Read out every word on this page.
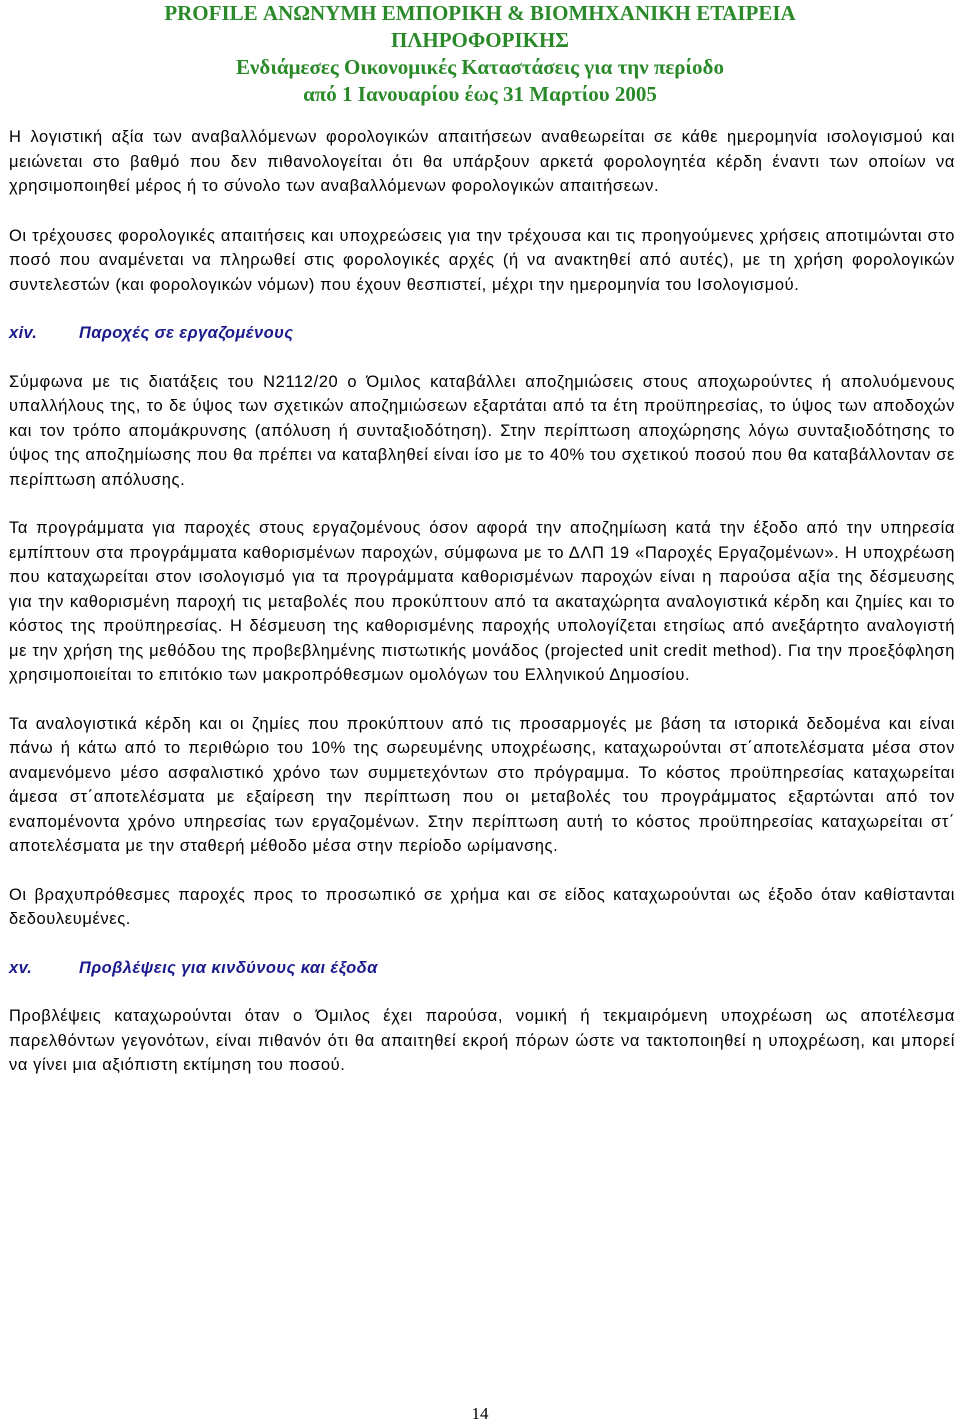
PROFILE ΑΝΩΝΥΜΗ ΕΜΠΟΡΙΚΗ & ΒΙΟΜΗΧΑΝΙΚΗ ΕΤΑΙΡΕΙΑ
ΠΛΗΡΟΦΟΡΙΚΗΣ
Ενδιάμεσες Οικονομικές Καταστάσεις για την περίοδο
από 1 Ιανουαρίου έως 31 Μαρτίου 2005

Η λογιστική αξία των αναβαλλόμενων φορολογικών απαιτήσεων αναθεωρείται σε κάθε ημερομηνία ισολογισμού και μειώνεται στο βαθμό που δεν πιθανολογείται ότι θα υπάρξουν αρκετά φορολογητέα κέρδη έναντι των οποίων να χρησιμοποιηθεί μέρος ή το σύνολο των αναβαλλόμενων φορολογικών απαιτήσεων.

Οι τρέχουσες φορολογικές απαιτήσεις και υποχρεώσεις για την τρέχουσα και τις προηγούμενες χρήσεις αποτιμώνται στο ποσό που αναμένεται να πληρωθεί στις φορολογικές αρχές (ή να ανακτηθεί από αυτές), με τη χρήση φορολογικών συντελεστών (και φορολογικών νόμων) που έχουν θεσπιστεί, μέχρι την ημερομηνία του Ισολογισμού.

xiv.	Παροχές σε εργαζομένους

Σύμφωνα με τις διατάξεις του Ν2112/20 ο Όμιλος καταβάλλει αποζημιώσεις στους αποχωρούντες ή απολυόμενους υπαλλήλους της, το δε ύψος των σχετικών αποζημιώσεων εξαρτάται από τα έτη προϋπηρεσίας, το ύψος των αποδοχών και τον τρόπο απομάκρυνσης (απόλυση ή συνταξιοδότηση). Στην περίπτωση αποχώρησης λόγω συνταξιοδότησης το ύψος της αποζημίωσης που θα πρέπει να καταβληθεί είναι ίσο με το 40% του σχετικού ποσού που θα καταβάλλονταν σε περίπτωση απόλυσης.

Τα προγράμματα για παροχές στους εργαζομένους όσον αφορά την αποζημίωση κατά την έξοδο από την υπηρεσία εμπίπτουν στα προγράμματα καθορισμένων παροχών, σύμφωνα με το ΔΛΠ 19 «Παροχές Εργαζομένων». Η υποχρέωση που καταχωρείται στον ισολογισμό για τα προγράμματα καθορισμένων παροχών είναι η παρούσα αξία της δέσμευσης για την καθορισμένη παροχή τις μεταβολές που προκύπτουν από τα ακαταχώρητα αναλογιστικά κέρδη και ζημίες και το κόστος της προϋπηρεσίας. Η δέσμευση της καθορισμένης παροχής υπολογίζεται ετησίως από ανεξάρτητο αναλογιστή με την χρήση της μεθόδου της προβεβλημένης πιστωτικής μονάδος (projected unit credit method). Για την προεξόφληση χρησιμοποιείται το επιτόκιο των μακροπρόθεσμων ομολόγων του Ελληνικού Δημοσίου.

Τα αναλογιστικά κέρδη και οι ζημίες που προκύπτουν από τις προσαρμογές με βάση τα ιστορικά δεδομένα και είναι πάνω ή κάτω από το περιθώριο του 10% της σωρευμένης υποχρέωσης, καταχωρούνται στ΄αποτελέσματα μέσα στον αναμενόμενο μέσο ασφαλιστικό χρόνο των συμμετεχόντων στο πρόγραμμα. Το κόστος προϋπηρεσίας καταχωρείται άμεσα στ΄αποτελέσματα με εξαίρεση την περίπτωση που οι μεταβολές του προγράμματος εξαρτώνται από τον εναπομένοντα χρόνο υπηρεσίας των εργαζομένων. Στην περίπτωση αυτή το κόστος προϋπηρεσίας καταχωρείται στ΄ αποτελέσματα με την σταθερή μέθοδο μέσα στην περίοδο ωρίμανσης.

Οι βραχυπρόθεσμες παροχές προς το προσωπικό σε χρήμα και σε είδος καταχωρούνται ως έξοδο όταν καθίστανται δεδουλευμένες.

xv.	Προβλέψεις για κινδύνους και έξοδα

Προβλέψεις καταχωρούνται όταν ο Όμιλος έχει παρούσα, νομική ή τεκμαιρόμενη υποχρέωση ως αποτέλεσμα παρελθόντων γεγονότων, είναι πιθανόν ότι θα απαιτηθεί εκροή πόρων ώστε να τακτοποιηθεί η υποχρέωση, και μπορεί να γίνει μια αξιόπιστη εκτίμηση του ποσού.

14
